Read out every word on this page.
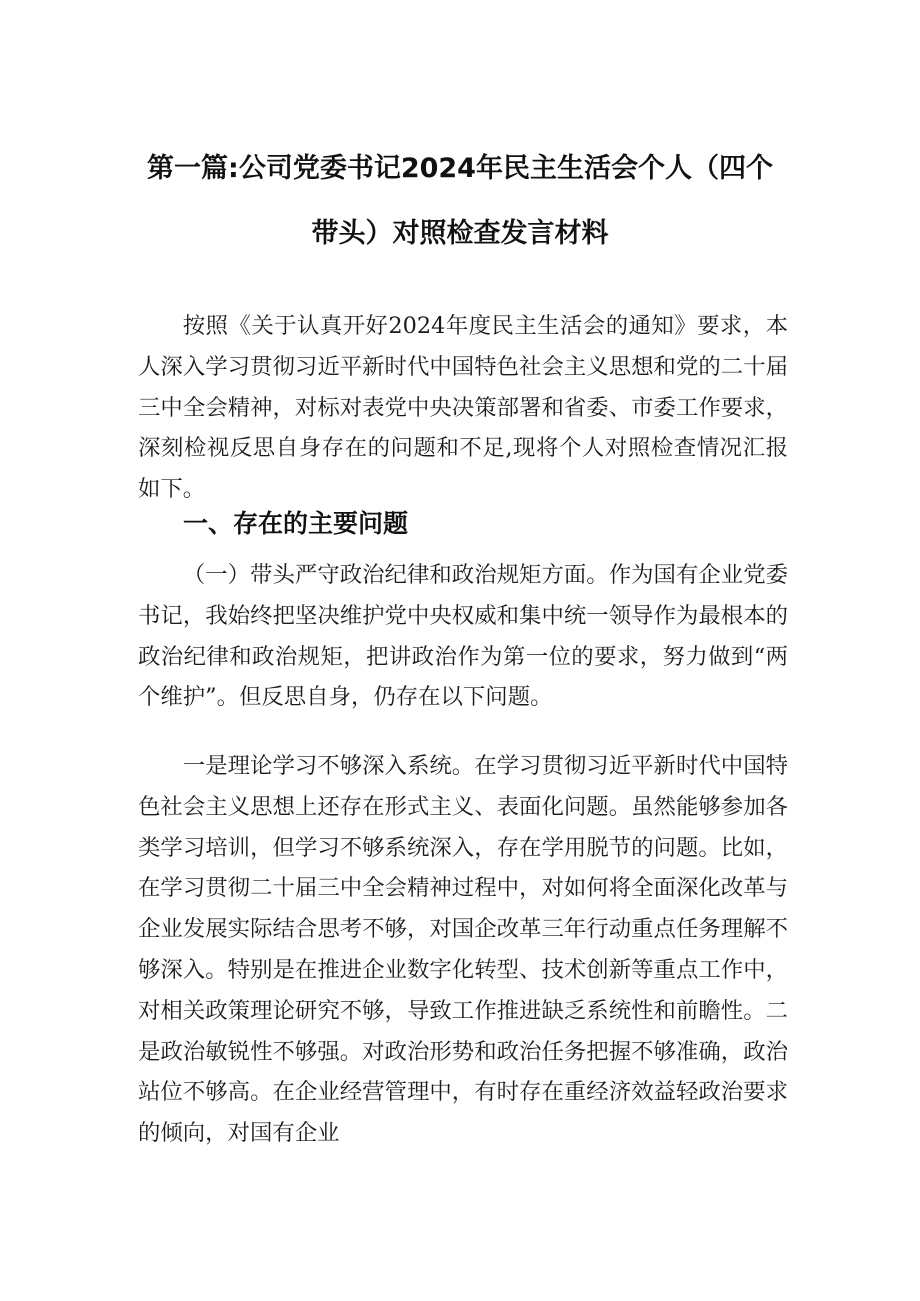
第一篇:公司党委书记2024年民主生活会个人（四个
带头）对照检查发言材料

按照《关于认真开好2024年度民主生活会的通知》要求，本人深入学习贯彻习近平新时代中国特色社会主义思想和党的二十届三中全会精神，对标对表党中央决策部署和省委、市委工作要求，深刻检视反思自身存在的问题和不足,现将个人对照检查情况汇报如下。

一、存在的主要问题

（一）带头严守政治纪律和政治规矩方面。作为国有企业党委书记，我始终把坚决维护党中央权威和集中统一领导作为最根本的政治纪律和政治规矩，把讲政治作为第一位的要求，努力做到“两个维护”。但反思自身，仍存在以下问题。

一是理论学习不够深入系统。在学习贯彻习近平新时代中国特色社会主义思想上还存在形式主义、表面化问题。虽然能够参加各类学习培训，但学习不够系统深入，存在学用脱节的问题。比如，在学习贯彻二十届三中全会精神过程中，对如何将全面深化改革与企业发展实际结合思考不够，对国企改革三年行动重点任务理解不够深入。特别是在推进企业数字化转型、技术创新等重点工作中，对相关政策理论研究不够，导致工作推进缺乏系统性和前瞻性。二是政治敏锐性不够强。对政治形势和政治任务把握不够准确，政治站位不够高。在企业经营管理中，有时存在重经济效益轻政治要求的倾向，对国有企业
